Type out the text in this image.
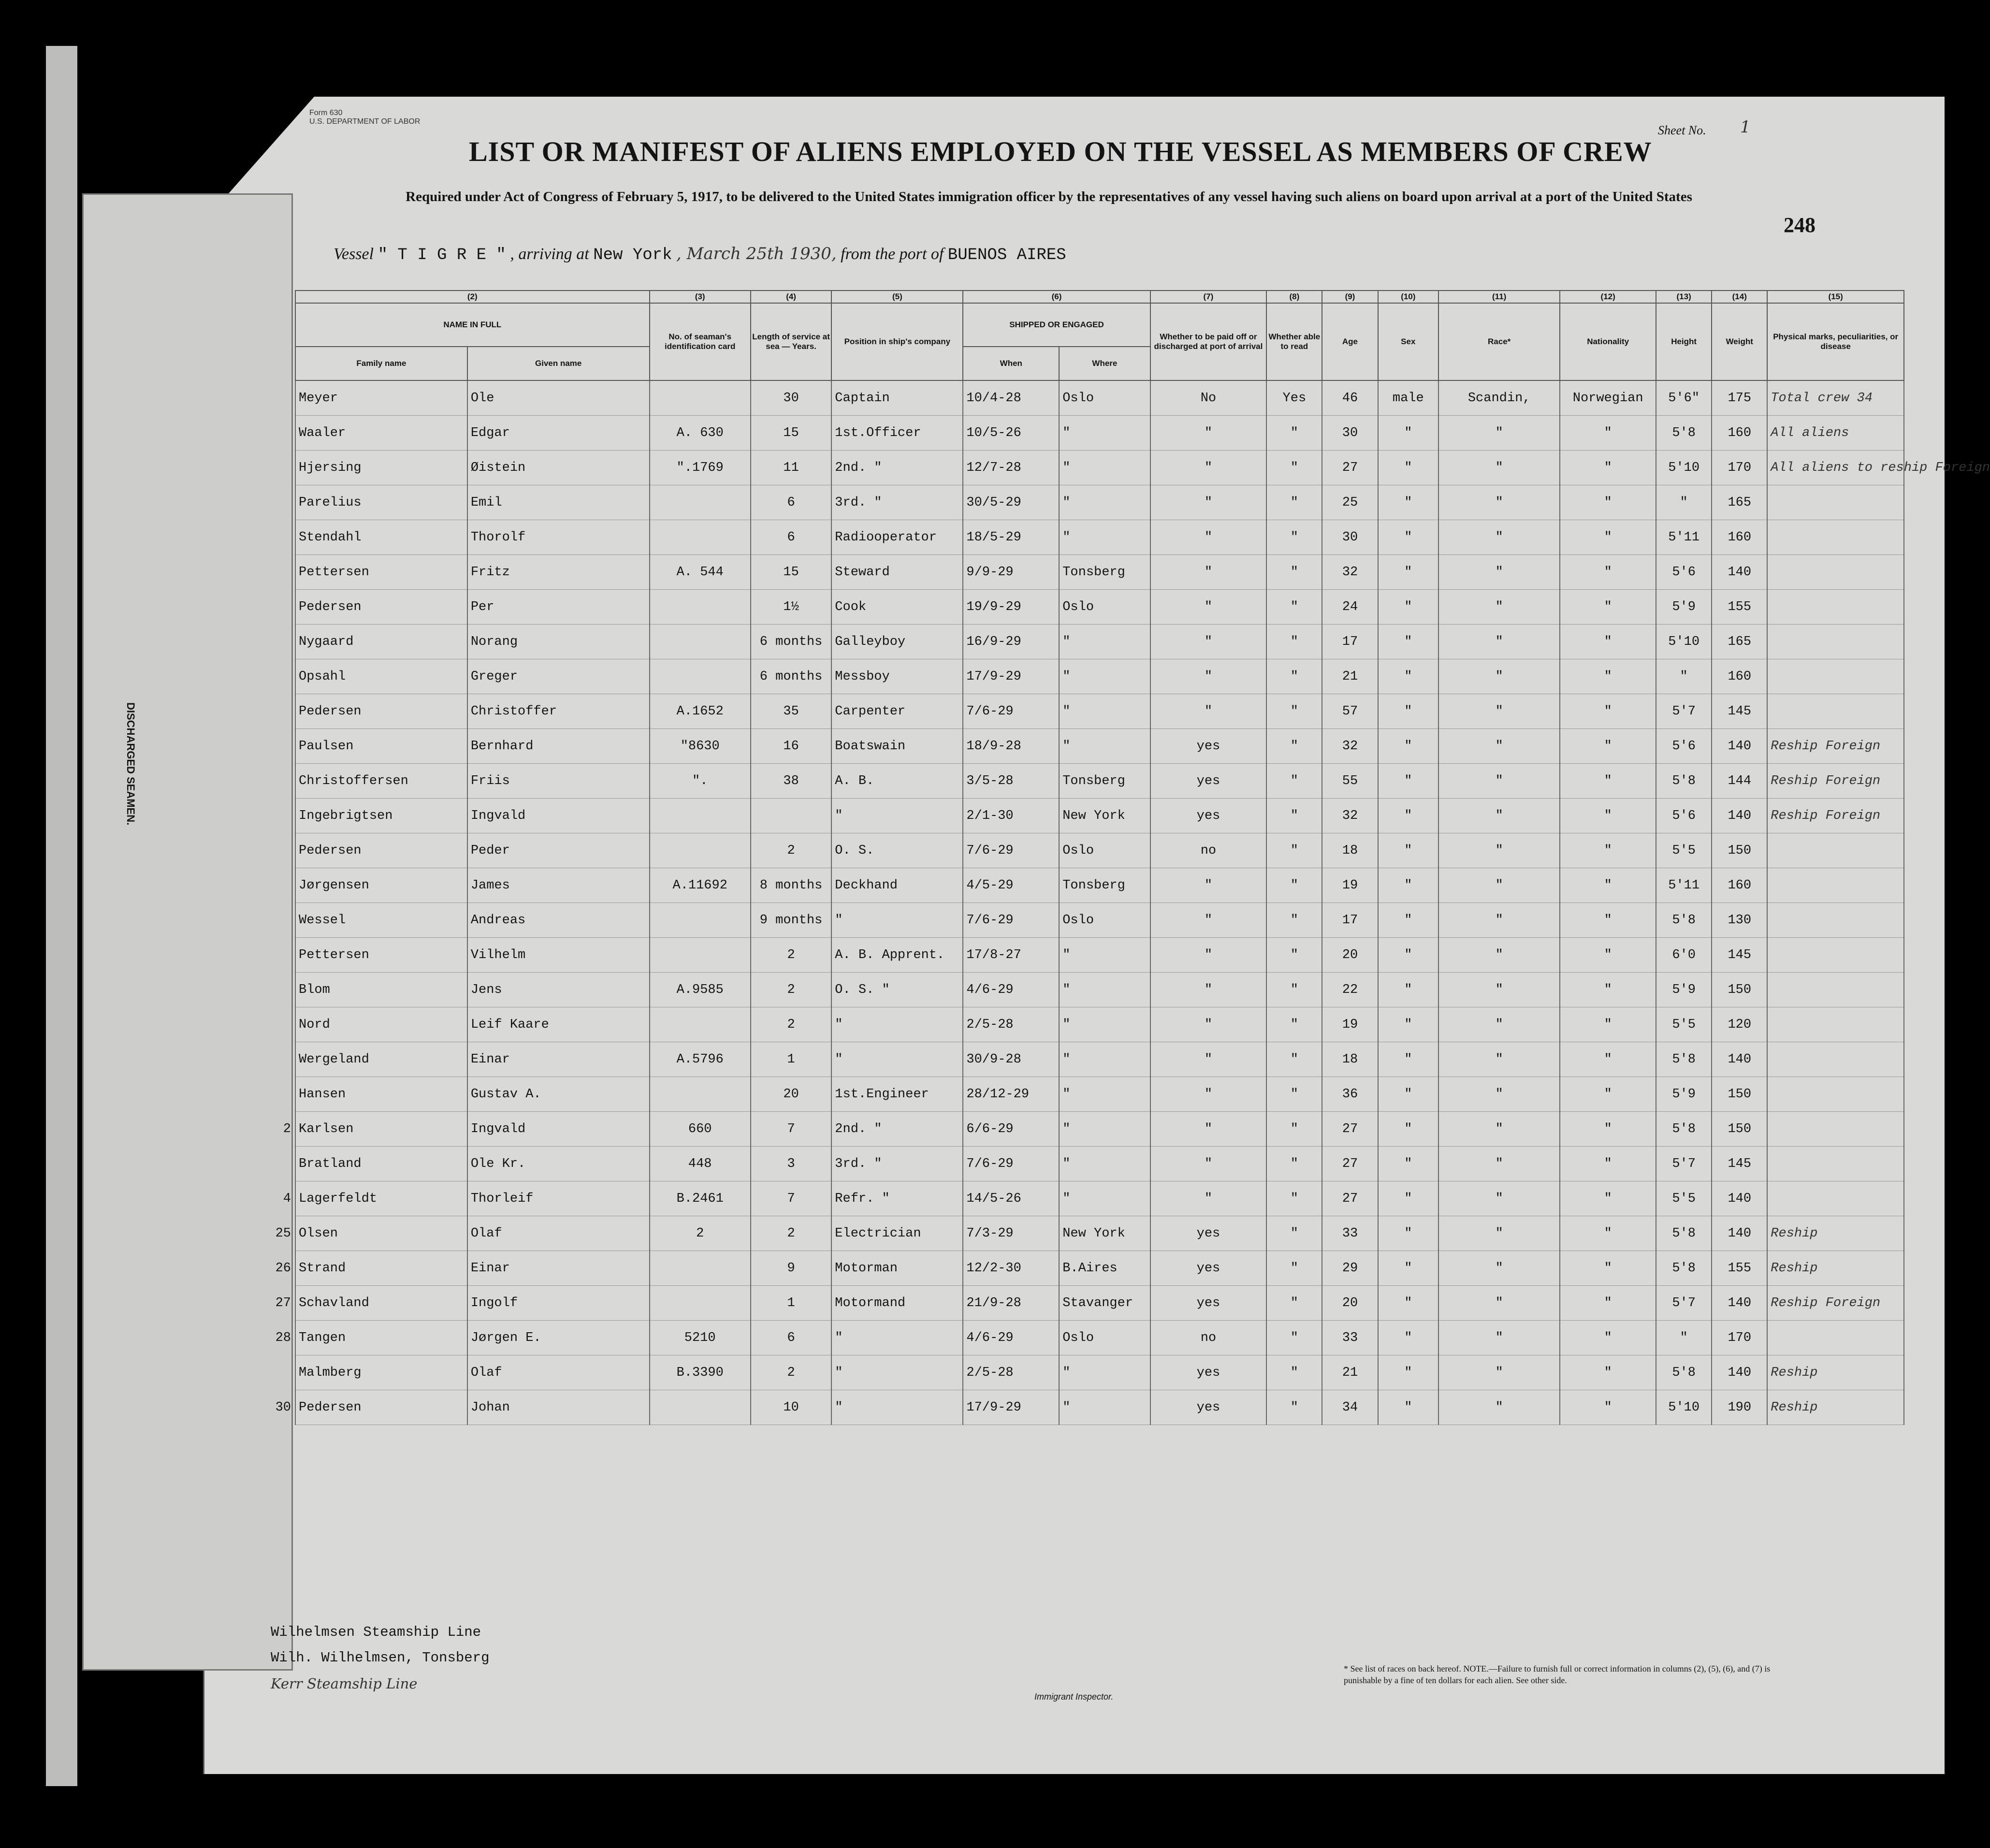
DISCHARGED SEAMEN.
Form 630
U.S. DEPARTMENT OF LABOR
LIST OR MANIFEST OF ALIENS EMPLOYED ON THE VESSEL AS MEMBERS OF CREW
Sheet No. 1
248
Required under Act of Congress of February 5, 1917, to be delivered to the United States immigration officer by the representatives of any vessel having such aliens on board upon arrival at a port of the United States
Vessel " T I G R E " , arriving at New York , March 25th 1930, from the port of BUENOS AIRES
(2)		(3)	(4)	(5)	(6)		(7)	(8)	(9)	(10)	(11)	(12)	(13)	(14)	(15)
NAME IN FULL		No. of seaman's identification card	Length of service at sea — Years.	Position in ship's company	SHIPPED OR ENGAGED		Whether to be paid off or discharged at port of arrival	Whether able to read	Age	Sex	Race*	Nationality	Height	Weight	Physical marks, peculiarities, or disease
Family name	Given name				When	Where									
Meyer	Ole		30	Captain	10/4-28	Oslo	No	Yes	46	male	Scandin,	Norwegian	5'6"	175	Total crew 34
Waaler	Edgar	A. 630	15	1st.Officer	10/5-26	"	"	"	30	"	"	"	5'8	160	All aliens
Hjersing	Øistein	".1769	11	2nd. "	12/7-28	"	"	"	27	"	"	"	5'10	170	All aliens to reship Foreign
Parelius	Emil		6	3rd. "	30/5-29	"	"	"	25	"	"	"	"	165	
Stendahl	Thorolf		6	Radiooperator	18/5-29	"	"	"	30	"	"	"	5'11	160	
Pettersen	Fritz	A. 544	15	Steward	9/9-29	Tonsberg	"	"	32	"	"	"	5'6	140	
Pedersen	Per		1½	Cook	19/9-29	Oslo	"	"	24	"	"	"	5'9	155	
Nygaard	Norang		6 months	Galleyboy	16/9-29	"	"	"	17	"	"	"	5'10	165	
Opsahl	Greger		6 months	Messboy	17/9-29	"	"	"	21	"	"	"	"	160	
Pedersen	Christoffer	A.1652	35	Carpenter	7/6-29	"	"	"	57	"	"	"	5'7	145	
Paulsen	Bernhard	"8630	16	Boatswain	18/9-28	"	yes	"	32	"	"	"	5'6	140	Reship Foreign
Christoffersen	Friis	".	38	A. B.	3/5-28	Tonsberg	yes	"	55	"	"	"	5'8	144	Reship Foreign
Ingebrigtsen	Ingvald			"	2/1-30	New York	yes	"	32	"	"	"	5'6	140	Reship Foreign
Pedersen	Peder		2	O. S.	7/6-29	Oslo	no	"	18	"	"	"	5'5	150	
Jørgensen	James	A.11692	8 months	Deckhand	4/5-29	Tonsberg	"	"	19	"	"	"	5'11	160	
Wessel	Andreas		9 months	"	7/6-29	Oslo	"	"	17	"	"	"	5'8	130	
Pettersen	Vilhelm		2	A. B. Apprent.	17/8-27	"	"	"	20	"	"	"	6'0	145	
Blom	Jens	A.9585	2	O. S. "	4/6-29	"	"	"	22	"	"	"	5'9	150	
Nord	Leif Kaare		2	"	2/5-28	"	"	"	19	"	"	"	5'5	120	
Wergeland	Einar	A.5796	1	"	30/9-28	"	"	"	18	"	"	"	5'8	140	
Hansen	Gustav A.		20	1st.Engineer	28/12-29	"	"	"	36	"	"	"	5'9	150	

2 Karlsen	Ingvald	660	7	2nd. "	6/6-29	"	"	"	27	"	"	"	5'8	150	
Bratland	Ole Kr.	448	3	3rd. "	7/6-29	"	"	"	27	"	"	"	5'7	145	

4 Lagerfeldt	Thorleif	B.2461	7	Refr. "	14/5-26	"	"	"	27	"	"	"	5'5	140	

25 Olsen	Olaf	2	2	Electrician	7/3-29	New York	yes	"	33	"	"	"	5'8	140	Reship

26 Strand	Einar		9	Motorman	12/2-30	B.Aires	yes	"	29	"	"	"	5'8	155	Reship

27 Schavland	Ingolf		1	Motormand	21/9-28	Stavanger	yes	"	20	"	"	"	5'7	140	Reship Foreign

28 Tangen	Jørgen E.	5210	6	"	4/6-29	Oslo	no	"	33	"	"	"	"	170	
Malmberg	Olaf	B.3390	2	"	2/5-28	"	yes	"	21	"	"	"	5'8	140	Reship

30 Pedersen	Johan		10	"	17/9-29	"	yes	"	34	"	"	"	5'10	190	Reship
Wilhelmsen Steamship Line
Wilh. Wilhelmsen, Tonsberg
Kerr Steamship Line
Immigrant Inspector.
* See list of races on back hereof. NOTE.—Failure to furnish full or correct information in columns (2), (5), (6), and (7) is punishable by a fine of ten dollars for each alien. See other side.
